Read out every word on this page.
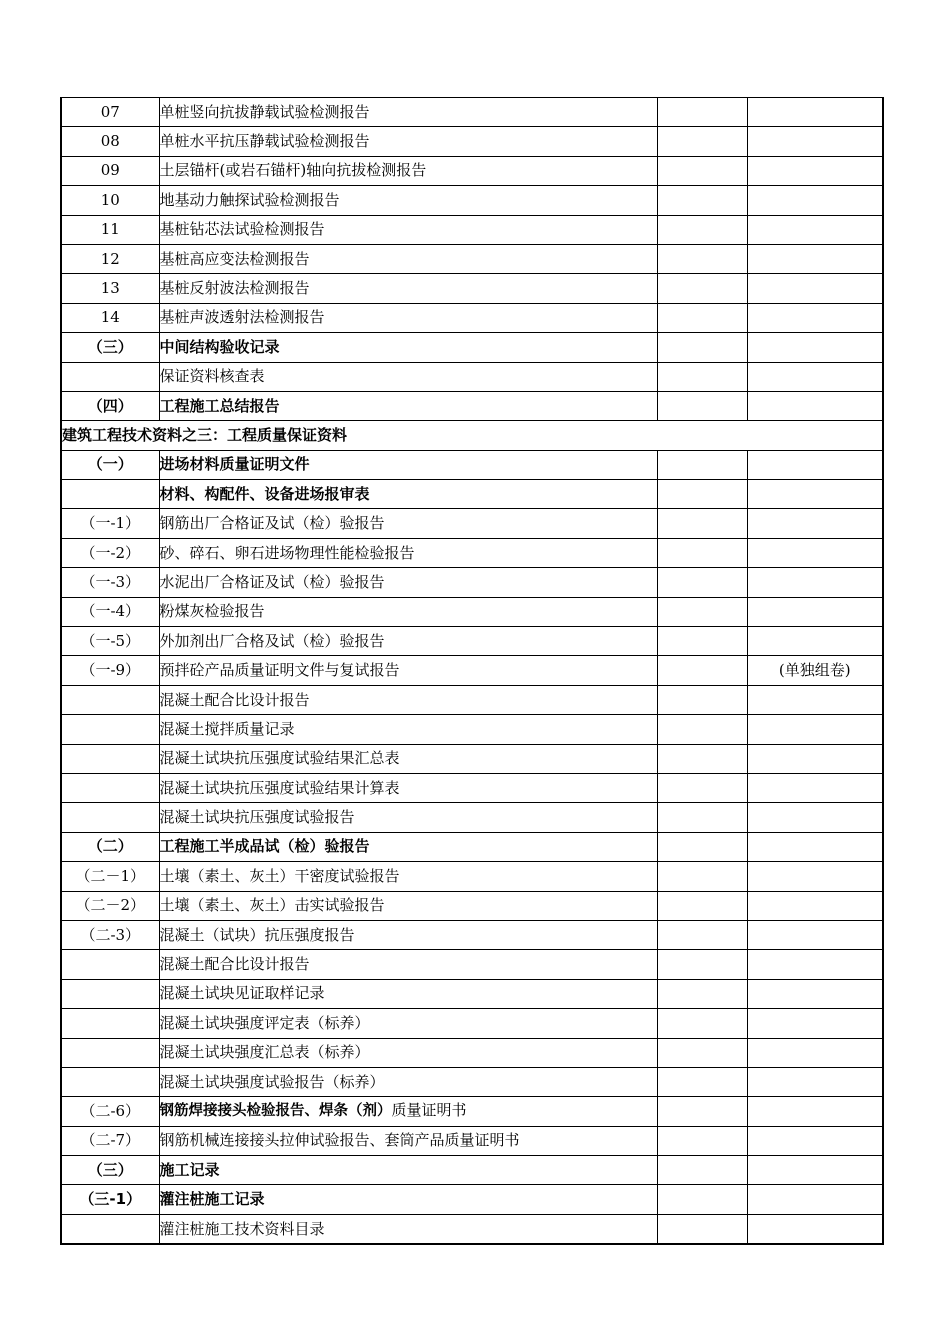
07	单桩竖向抗拔静载试验检测报告		
08	单桩水平抗压静载试验检测报告		
09	土层锚杆(或岩石锚杆)轴向抗拔检测报告		
10	地基动力触探试验检测报告		
11	基桩钻芯法试验检测报告		
12	基桩高应变法检测报告		
13	基桩反射波法检测报告		
14	基桩声波透射法检测报告		
（三）	中间结构验收记录		
	保证资料核查表		
（四）	工程施工总结报告		
建筑工程技术资料之三：工程质量保证资料			
（一）	进场材料质量证明文件		
	材料、构配件、设备进场报审表		
（一-1）	钢筋出厂合格证及试（检）验报告		
（一-2）	砂、碎石、卵石进场物理性能检验报告		
（一-3）	水泥出厂合格证及试（检）验报告		
（一-4）	粉煤灰检验报告		
（一-5）	外加剂出厂合格及试（检）验报告		
（一-9）	预拌砼产品质量证明文件与复试报告		(单独组卷)
	混凝土配合比设计报告		
	混凝土搅拌质量记录		
	混凝土试块抗压强度试验结果汇总表		
	混凝土试块抗压强度试验结果计算表		
	混凝土试块抗压强度试验报告		
（二）	工程施工半成品试（检）验报告		
（二－1）	土壤（素土、灰土）干密度试验报告		
（二－2）	土壤（素土、灰土）击实试验报告		
（二-3）	混凝土（试块）抗压强度报告		
	混凝土配合比设计报告		
	混凝土试块见证取样记录		
	混凝土试块强度评定表（标养）		
	混凝土试块强度汇总表（标养）		
	混凝土试块强度试验报告（标养）		
（二-6）	钢筋焊接接头检验报告、焊条（剂）质量证明书		
（二-7）	钢筋机械连接接头拉伸试验报告、套筒产品质量证明书		
（三）	施工记录		
（三-1）	灌注桩施工记录		
	灌注桩施工技术资料目录		
